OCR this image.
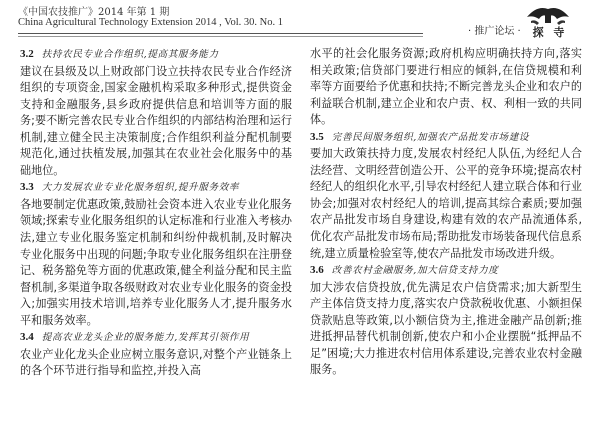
《中国农技推广》2014 年第 1 期
China Agricultural Technology Extension 2014 , Vol. 30. No. 1
· 推广论坛 ·	探 寺

3.2 扶持农民专业合作组织,提高其服务能力

建议在县级及以上财政部门设立扶持农民专业合作经济组织的专项资金,国家金融机构采取多种形式,提供资金支持和金融服务,县乡政府提供信息和培训等方面的服务;要不断完善农民专业合作组织的内部结构治理和运行机制,建立健全民主决策制度;合作组织利益分配机制要规范化,通过扶植发展,加强其在农业社会化服务中的基础地位。

3.3 大力发展农业专业化服务组织,提升服务效率

各地要制定优惠政策,鼓励社会资本进入农业专业化服务领域;探索专业化服务组织的认定标准和行业准入考核办法,建立专业化服务鉴定机制和纠纷仲裁机制,及时解决专业化服务中出现的问题;争取专业化服务组织在注册登记、税务豁免等方面的优惠政策,健全利益分配和民主监督机制,多渠道争取各级财政对农业专业化服务的资金投入;加强实用技术培训,培养专业化服务人才,提升服务水平和服务效率。

3.4 提高农业龙头企业的服务能力,发挥其引领作用

农业产业化龙头企业应树立服务意识,对整个产业链条上的各个环节进行指导和监控,并投入高

水平的社会化服务资源;政府机构应明确扶持方向,落实相关政策;信贷部门要进行相应的倾斜,在信贷规模和利率等方面要给予优惠和扶持;不断完善龙头企业和农户的利益联合机制,建立企业和农户责、权、利相一致的共同体。

3.5 完善民间服务组织,加强农产品批发市场建设

要加大政策扶持力度,发展农村经纪人队伍,为经纪人合法经营、文明经营创造公开、公平的竞争环境;提高农村经纪人的组织化水平,引导农村经纪人建立联合体和行业协会;加强对农村经纪人的培训,提高其综合素质;要加强农产品批发市场自身建设,构建有效的农产品流通体系,优化农产品批发市场布局;帮助批发市场装备现代信息系统,建立质量检验室等,使农产品批发市场改进升级。

3.6 改善农村金融服务,加大信贷支持力度

加大涉农信贷投放,优先满足农户信贷需求;加大新型生产主体信贷支持力度,落实农户贷款税收优惠、小额担保贷款贴息等政策,以小额信贷为主,推进金融产品创新;推进抵押品替代机制创新,使农户和小企业摆脱“抵押品不足”困境;大力推进农村信用体系建设,完善农业农村金融服务。
